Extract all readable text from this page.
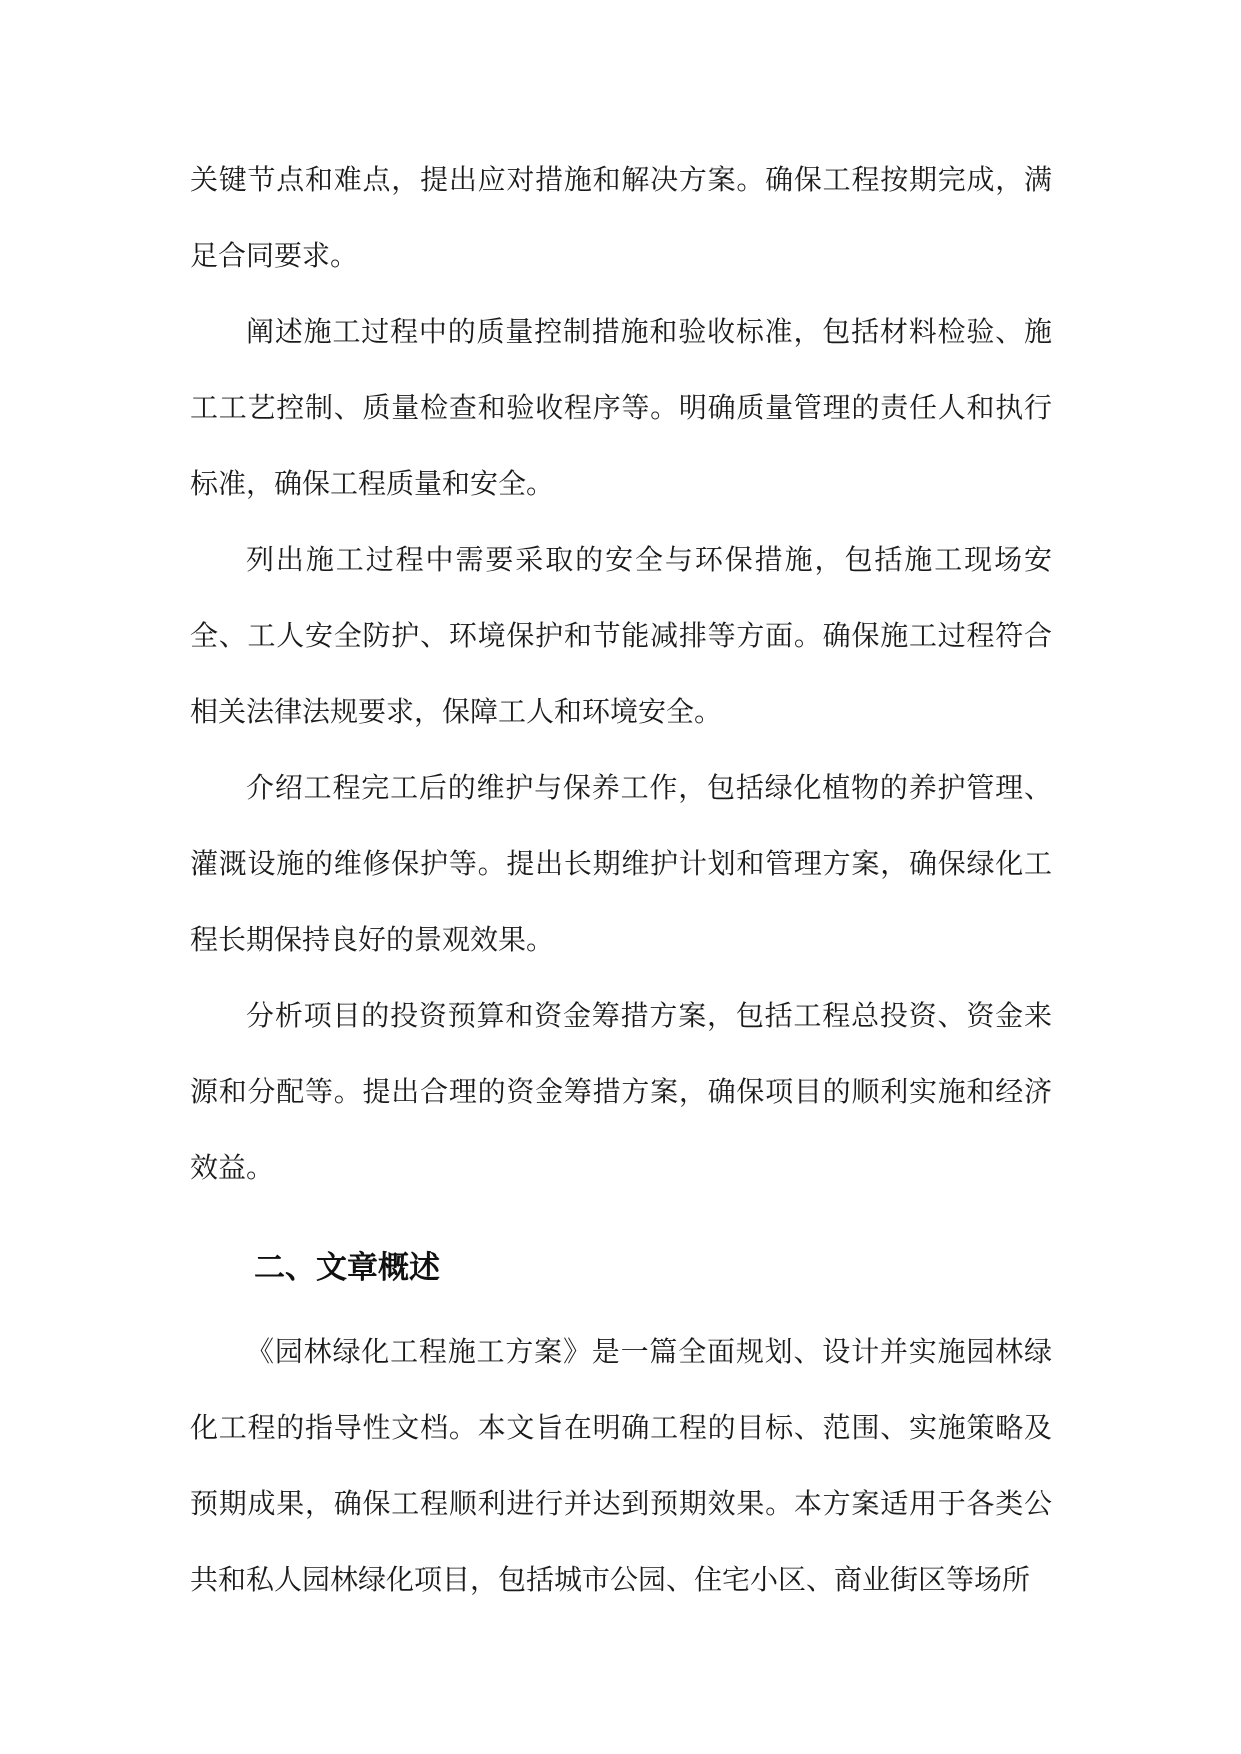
关键节点和难点，提出应对措施和解决方案。确保工程按期完成，满足合同要求。

阐述施工过程中的质量控制措施和验收标准，包括材料检验、施工工艺控制、质量检查和验收程序等。明确质量管理的责任人和执行标准，确保工程质量和安全。

列出施工过程中需要采取的安全与环保措施，包括施工现场安全、工人安全防护、环境保护和节能减排等方面。确保施工过程符合相关法律法规要求，保障工人和环境安全。

介绍工程完工后的维护与保养工作，包括绿化植物的养护管理、灌溉设施的维修保护等。提出长期维护计划和管理方案，确保绿化工程长期保持良好的景观效果。

分析项目的投资预算和资金筹措方案，包括工程总投资、资金来源和分配等。提出合理的资金筹措方案，确保项目的顺利实施和经济效益。

二、文章概述

《园林绿化工程施工方案》是一篇全面规划、设计并实施园林绿化工程的指导性文档。本文旨在明确工程的目标、范围、实施策略及预期成果，确保工程顺利进行并达到预期效果。本方案适用于各类公共和私人园林绿化项目，包括城市公园、住宅小区、商业街区等场所
